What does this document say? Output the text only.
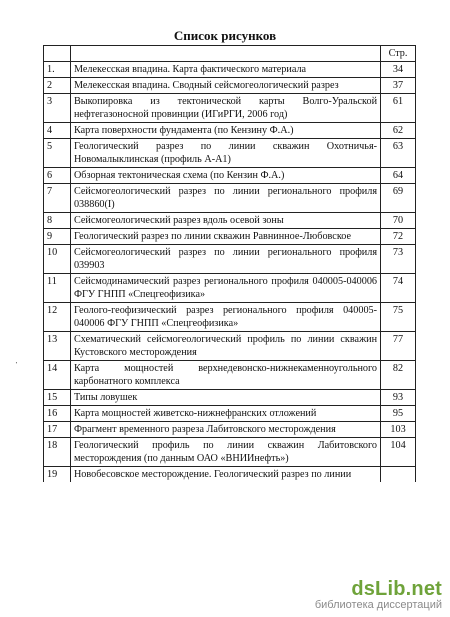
Список рисунков
		Стр.
1.	Мелекесская впадина. Карта фактического материала	34
2	Мелекесская впадина. Сводный сейсмогеологический разрез	37
3	Выкопировка из тектонической карты Волго-Уральской нефтегазоносной провинции (ИГиРГИ, 2006 год)	61
4	Карта поверхности фундамента (по Кензину Ф.А.)	62
5	Геологический разрез по линии скважин Охотничья-Новомалыклинская (профиль А-А1)	63
6	Обзорная тектоническая схема (по Кензин Ф.А.)	64
7	Сейсмогеологический разрез по линии регионального профиля 038860(I)	69
8	Сейсмогеологический разрез вдоль осевой зоны	70
9	Геологический разрез по линии скважин Равнинное-Любовское	72
10	Сейсмогеологический разрез по линии регионального профиля 039903	73
11	Сейсмодинамический разрез регионального профиля 040005-040006 ФГУ ГНПП «Спецгеофизика»	74
12	Геолого-геофизический разрез регионального профиля 040005-040006 ФГУ ГНПП «Спецгеофизика»	75
13	Схематический сейсмогеологический профиль по линии скважин Кустовского месторождения	77
14	Карта мощностей верхнедевонско-нижнекаменноугольного карбонатного комплекса	82
15	Типы ловушек	93
16	Карта мощностей живетско-нижнефранских отложений	95
17	Фрагмент временного разреза Лабитовского месторождения	103
18	Геологический профиль по линии скважин Лабитовского месторождения (по данным ОАО «ВНИИнефть»)	104
19	Новобесовское месторождение. Геологический разрез по линии	
‧
dsLib.net
библиотека диссертаций
